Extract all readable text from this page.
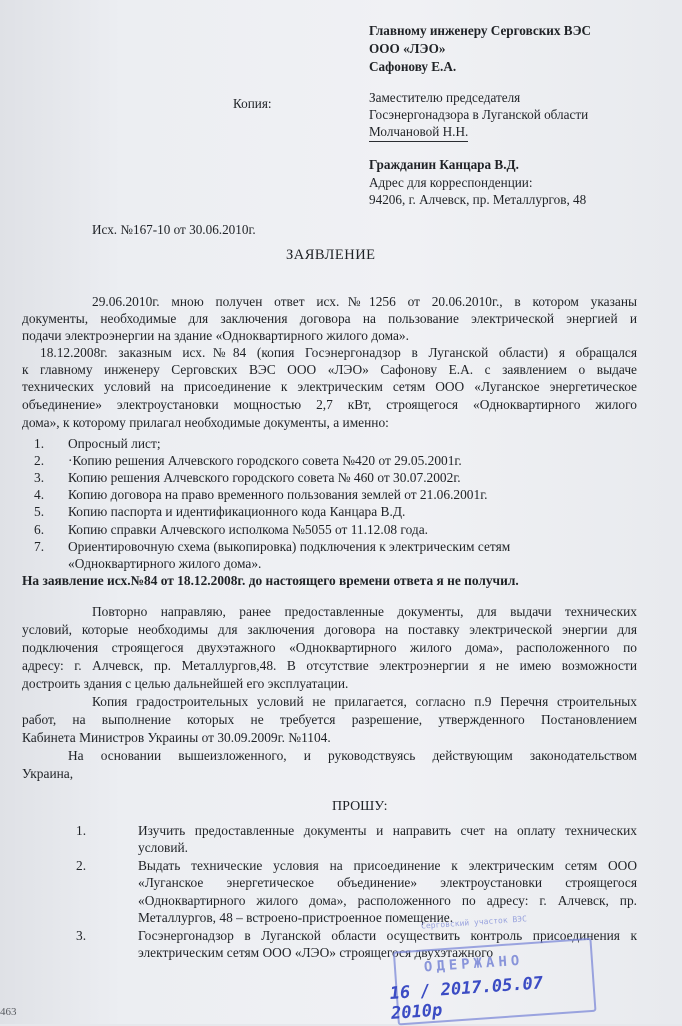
Главному инженеру Серговских ВЭС
ООО «ЛЭО»
Сафонову Е.А.
Копия:	Заместителю председателя
Госэнергонадзора в Луганской области
Молчановой Н.Н.
Гражданин Канцара В.Д.
Адрес для корреспонденции:
94206, г. Алчевск, пр. Металлургов, 48
Исх. №167-10 от 30.06.2010г.
ЗАЯВЛЕНИЕ
29.06.2010г. мною получен ответ исх.№1256 от 20.06.2010г., в котором указаны
документы, необходимые для заключения договора на пользование электрической энергией и
подачи электроэнергии на здание «Одноквартирного жилого дома».
18.12.2008г. заказным исх.№84 (копия Госэнергонадзор в Луганской области) я обращался
к главному инженеру Серговских ВЭС ООО «ЛЭО» Сафонову Е.А. с заявлением о выдаче
технических условий на присоединение к электрическим сетям ООО «Луганское энергетическое
объединение» электроустановки мощностью 2,7 кВт, строящегося «Одноквартирного жилого
дома», к которому прилагал необходимые документы, а именно:
1. Опросный лист;
2. ·Копию решения Алчевского городского совета №420 от 29.05.2001г.
3. Копию решения Алчевского городского совета № 460 от 30.07.2002г.
4. Копию договора на право временного пользования землей от 21.06.2001г.
5. Копию паспорта и идентификационного кода Канцара В.Д.
6. Копию справки Алчевского исполкома №5055 от 11.12.08 года.
7. Ориентировочную схема (выкопировка) подключения к электрическим сетям
«Одноквартирного жилого дома».
На заявление исх.№84 от 18.12.2008г. до настоящего времени ответа я не получил.
Повторно направляю, ранее предоставленные документы, для выдачи технических
условий, которые необходимы для заключения договора на поставку электрической энергии для
подключения строящегося двухэтажного «Одноквартирного жилого дома», расположенного по
адресу: г. Алчевск, пр. Металлургов,48. В отсутствие электроэнергии я не имею возможности
достроить здания с целью дальнейшей его эксплуатации.
Копия градостроительных условий не прилагается, согласно п.9 Перечня строительных
работ, на выполнение которых не требуется разрешение, утвержденного Постановлением
Кабинета Министров Украины от 30.09.2009г. №1104.
На основании вышеизложенного, и руководствуясь действующим законодательством
Украина,
ПРОШУ:
1.	Изучить предоставленные документы и направить счет на оплату технических
условий.
2.	Выдать технические условия на присоединение к электрическим сетям ООО
«Луганское энергетическое объединение» электроустановки строящегося
«Одноквартирного жилого дома», расположенного по адресу: г. Алчевск, пр.
Металлургов, 48 – встроено-пристроенное помещение.
3.	Госэнергонадзор в Луганской области осуществить контроль присоединения к
электрическим сетям ООО «ЛЭО» строящегося двухэтажного
Серговский участок ВЭС
ОДЕРЖАНО
16 / 2017.05.07 2010р
463
